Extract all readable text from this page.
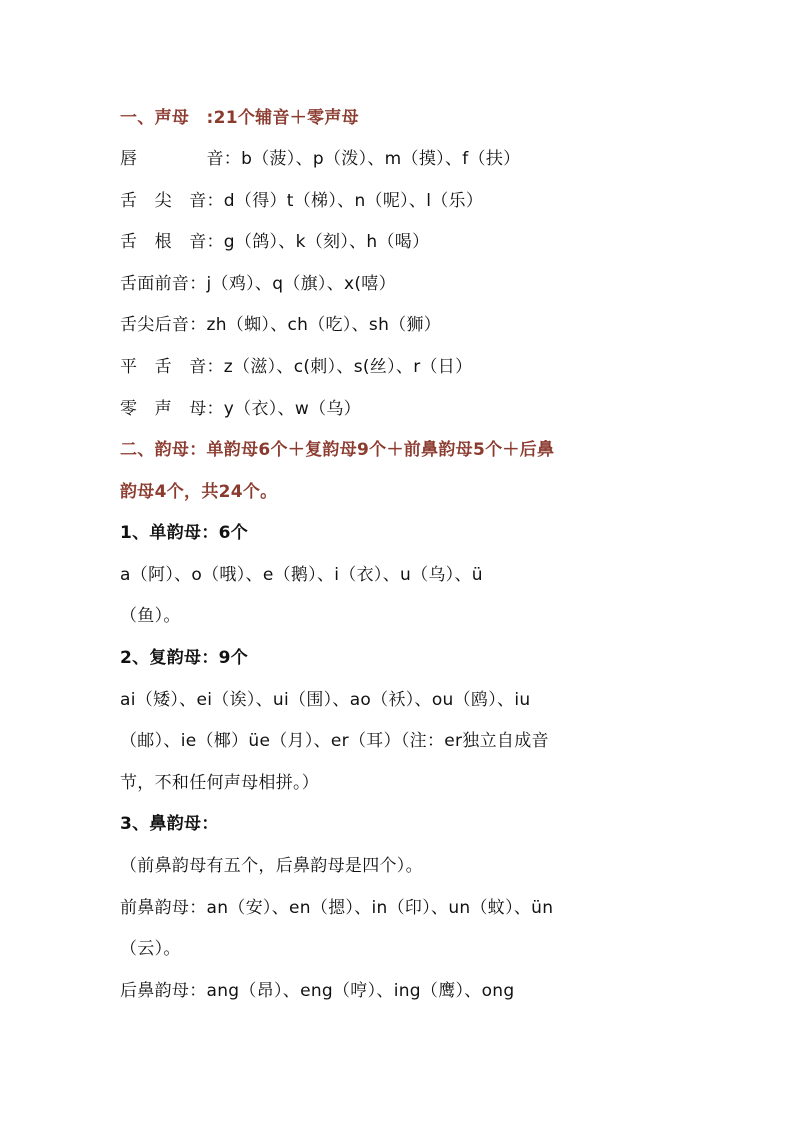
一、声母　:21个辅音＋零声母
唇　　　　音：b（菠）、p（泼）、m（摸）、f（扶）
舌　尖　音：d（得）t（梯）、n（呢）、l（乐）
舌　根　音：g（鸽）、k（刻）、h（喝）
舌面前音：j（鸡）、q（旗）、x(嘻）
舌尖后音：zh（蜘）、ch（吃）、sh（狮）
平　舌　音：z（滋）、c(刺）、s(丝）、r（日）
零　声　母：y（衣）、w（乌）
二、韵母：单韵母6个＋复韵母9个＋前鼻韵母5个＋后鼻
韵母4个，共24个。
1、单韵母：6个
a（阿）、o（哦）、e（鹅）、i（衣）、u（乌）、ü
（鱼）。
2、复韵母：9个
ai（矮）、ei（诶）、ui（围）、ao（袄）、ou（鸥）、iu
（邮）、ie（椰）üe（月）、er（耳）（注：er独立自成音
节，不和任何声母相拼。）
3、鼻韵母：
（前鼻韵母有五个，后鼻韵母是四个）。
前鼻韵母：an（安）、en（摁）、in（印）、un（蚊）、ün
（云）。
后鼻韵母：ang（昂）、eng（哼）、ing（鹰）、ong
